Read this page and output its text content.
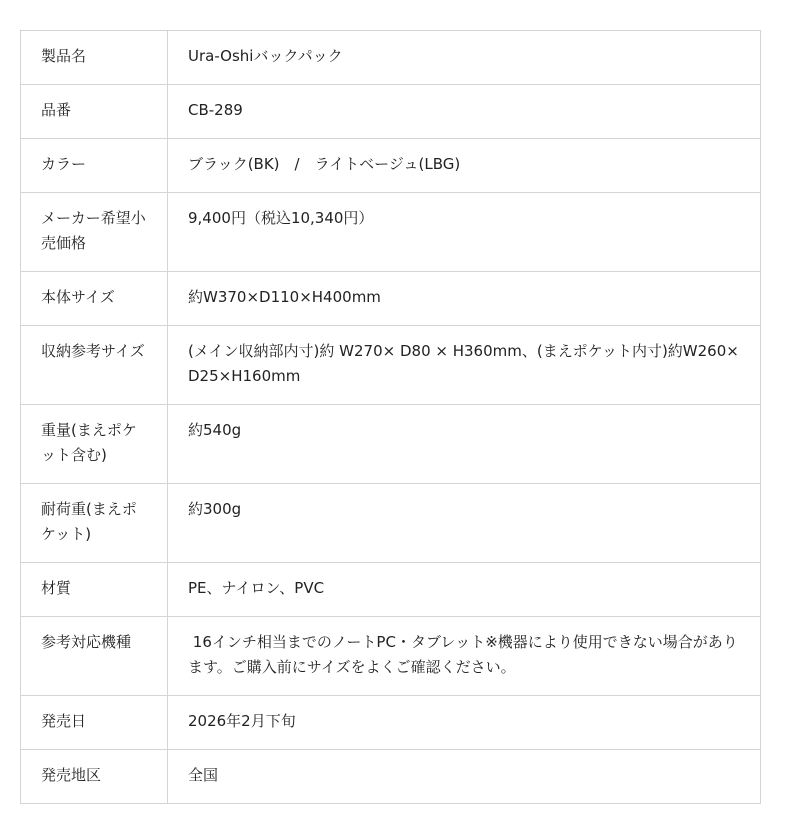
製品名	Ura-Oshiバックパック
品番	CB-289
カラー	ブラック(BK)　/　ライトベージュ(LBG)
メーカー希望小売価格	9,400円（税込10,340円）
本体サイズ	約W370×D110×H400mm
収納参考サイズ	(メイン収納部内寸)約 W270× D80 × H360mm、(まえポケット内寸)約W260×D25×H160mm
重量(まえポケット含む)	約540g
耐荷重(まえポケット)	約300g
材質	PE、ナイロン、PVC
参考対応機種	16インチ相当までのノートPC・タブレット※機器により使用できない場合があります。ご購入前にサイズをよくご確認ください。
発売日	2026年2月下旬
発売地区	全国
